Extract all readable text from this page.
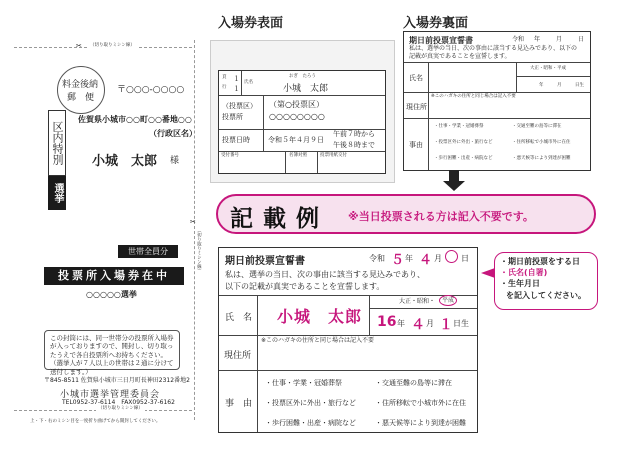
（切り取りミシン線）
✂
料金後納
郵　便
〒○○○-○○○○
佐賀県小城市○○町○○番地○○
（行政区名）
区内特別
選挙
小城　太郎 様
世帯全員分
投票所入場券在中
○○○○○選挙
この封筒には、同一世帯分の投票所入場券が入っておりますので、開封し、切り取ったうえで各自投票所へお持ちください。（選挙人が７人以上の世帯は２通に分けて送付します。）
〒845-8511 佐賀県小城市三日月町長神田2312番地2
小城市選挙管理委員会
TEL0952-37-6114　FAX0952-37-6162
（切り取りミシン線）
上・下・右のミシン目を一度折り曲げてから開封してください。
（切り取りミシン線）
✂
入場券表面
１
１
頁
行
氏名
おぎ　たろう
小城　太郎
（投票区）
投票所
（第○投票区）
○○○○○○○○
投票日時	令和５年４月９日
午前７時から
午後８時まで
受付番号	名簿対照	投票用紙交付
入場券裏面
期日前投票宣誓書	令和 年	月	日
私は、選挙の当日、次の事由に該当する見込みであり、以下の記載が真実であることを宣誓します。
氏名
大正・昭和・平成
年	月	日生
現住所
※このハガキの住所と同じ場合は記入不要
事由
・仕事・学業・冠婚葬祭	・交通至難の島等に滞在
・投票区外に外出・旅行など	・住所移転で小城市外に在住
・歩行困難・出産・病院など	・悪天候等により到達が困難
記載例 ※当日投票される方は記入不要です。
期日前投票宣誓書	令和 ５ 年 ４ 月 日
私は、選挙の当日、次の事由に該当する見込みであり、
以下の記載が真実であることを宣誓します。
氏　名 小城　太郎
大正・昭和・	平成
16 年 ４ 月 １ 日生
現住所
※このハガキの住所と同じ場合は記入不要
事　由
・仕事・学業・冠婚葬祭	・交通至難の島等に滞在
・投票区外に外出・旅行など	・住所移転で小城市外に在住
・歩行困難・出産・病院など	・悪天候等により到達が困難
・期日前投票をする日
・氏名(自署)
・生年月日
を記入してください。
